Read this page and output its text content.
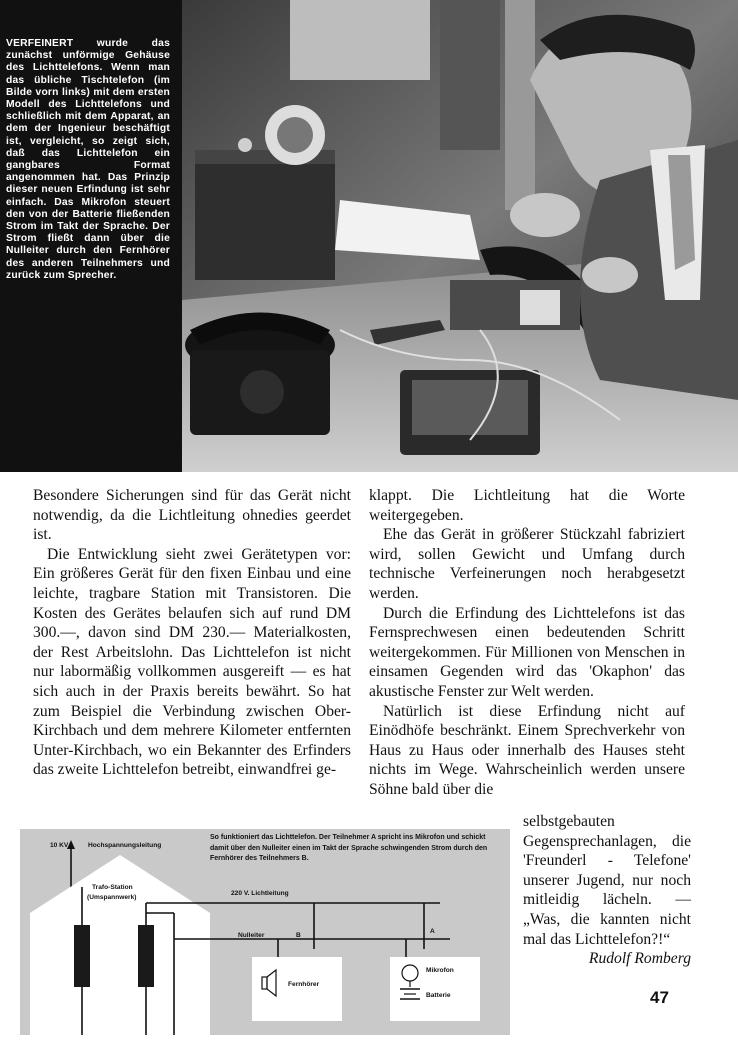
VERFEINERT wurde das zunächst unförmige Gehäuse des Lichttelefons. Wenn man das übliche Tischtelefon (im Bilde vorn links) mit dem ersten Modell des Lichttelefons und schließlich mit dem Apparat, an dem der Ingenieur beschäftigt ist, vergleicht, so zeigt sich, daß das Lichttelefon ein gangbares Format angenommen hat. Das Prinzip dieser neuen Erfindung ist sehr einfach. Das Mikrofon steuert den von der Batterie fließenden Strom im Takt der Sprache. Der Strom fließt dann über die Nulleiter durch den Fernhörer des anderen Teilnehmers und zurück zum Sprecher.

Besondere Sicherungen sind für das Gerät nicht notwendig, da die Lichtleitung ohnedies geerdet ist.

Die Entwicklung sieht zwei Gerätetypen vor: Ein größeres Gerät für den fixen Einbau und eine leichte, tragbare Station mit Transistoren. Die Kosten des Gerätes belaufen sich auf rund DM 300.—, davon sind DM 230.— Materialkosten, der Rest Arbeitslohn. Das Lichttelefon ist nicht nur labormäßig vollkommen ausgereift — es hat sich auch in der Praxis bereits bewährt. So hat zum Beispiel die Verbindung zwischen Ober-Kirchbach und dem mehrere Kilometer entfernten Unter-Kirchbach, wo ein Bekannter des Erfinders das zweite Lichttelefon betreibt, einwandfrei ge-

klappt. Die Lichtleitung hat die Worte weitergegeben.

Ehe das Gerät in größerer Stückzahl fabriziert wird, sollen Gewicht und Umfang durch technische Verfeinerungen noch herabgesetzt werden.

Durch die Erfindung des Lichttelefons ist das Fernsprechwesen einen bedeutenden Schritt weitergekommen. Für Millionen von Menschen in einsamen Gegenden wird das 'Okaphon' das akustische Fenster zur Welt werden.

Natürlich ist diese Erfindung nicht auf Einödhöfe beschränkt. Einem Sprechverkehr von Haus zu Haus oder innerhalb des Hauses steht nichts im Wege. Wahrscheinlich werden unsere Söhne bald über die

selbstgebauten Gegensprechanlagen, die 'Freunderl - Telefone' unserer Jugend, nur noch mitleidig lächeln. — „Was, die kannten nicht mal das Lichttelefon?!“

Rudolf Romberg

47
10 KV	Hochspannungsleitung
Trafo-Station
(Umspannwerk)
220 V. Lichtleitung
Nulleiter	B
A
Fernhörer
Mikrofon
Batterie
So funktioniert das Lichttelefon. Der Teilnehmer A spricht ins Mikrofon und schickt damit über den Nulleiter einen im Takt der Sprache schwingenden Strom durch den Fernhörer des Teilnehmers B.
